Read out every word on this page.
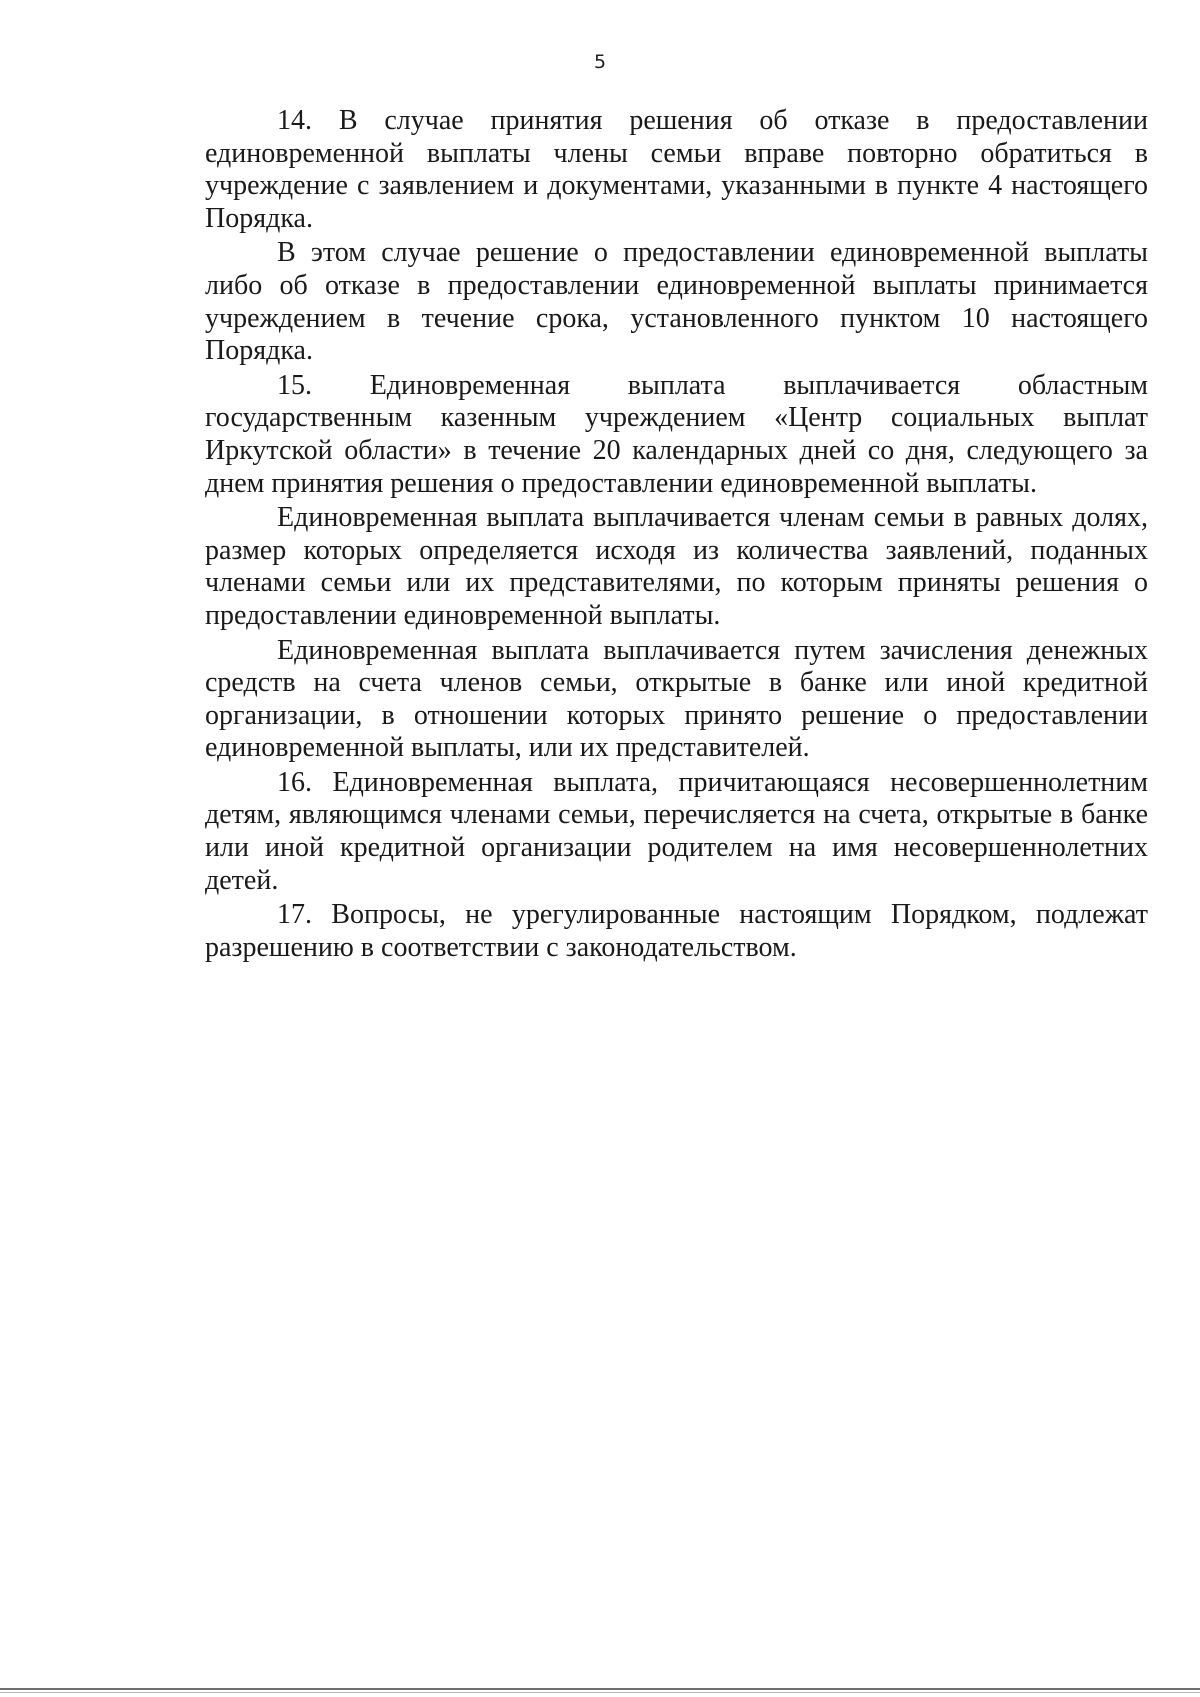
5

14. В случае принятия решения об отказе в предоставлении единовременной выплаты члены семьи вправе повторно обратиться в учреждение с заявлением и документами, указанными в пункте 4 настоящего Порядка.

В этом случае решение о предоставлении единовременной выплаты либо об отказе в предоставлении единовременной выплаты принимается учреждением в течение срока, установленного пунктом 10 настоящего Порядка.

15. Единовременная выплата выплачивается областным государственным казенным учреждением «Центр социальных выплат Иркутской области» в течение 20 календарных дней со дня, следующего за днем принятия решения о предоставлении единовременной выплаты.

Единовременная выплата выплачивается членам семьи в равных долях, размер которых определяется исходя из количества заявлений, поданных членами семьи или их представителями, по которым приняты решения о предоставлении единовременной выплаты.

Единовременная выплата выплачивается путем зачисления денежных средств на счета членов семьи, открытые в банке или иной кредитной организации, в отношении которых принято решение о предоставлении единовременной выплаты, или их представителей.

16. Единовременная выплата, причитающаяся несовершеннолетним детям, являющимся членами семьи, перечисляется на счета, открытые в банке или иной кредитной организации родителем на имя несовершеннолетних детей.

17. Вопросы, не урегулированные настоящим Порядком, подлежат разрешению в соответствии с законодательством.
